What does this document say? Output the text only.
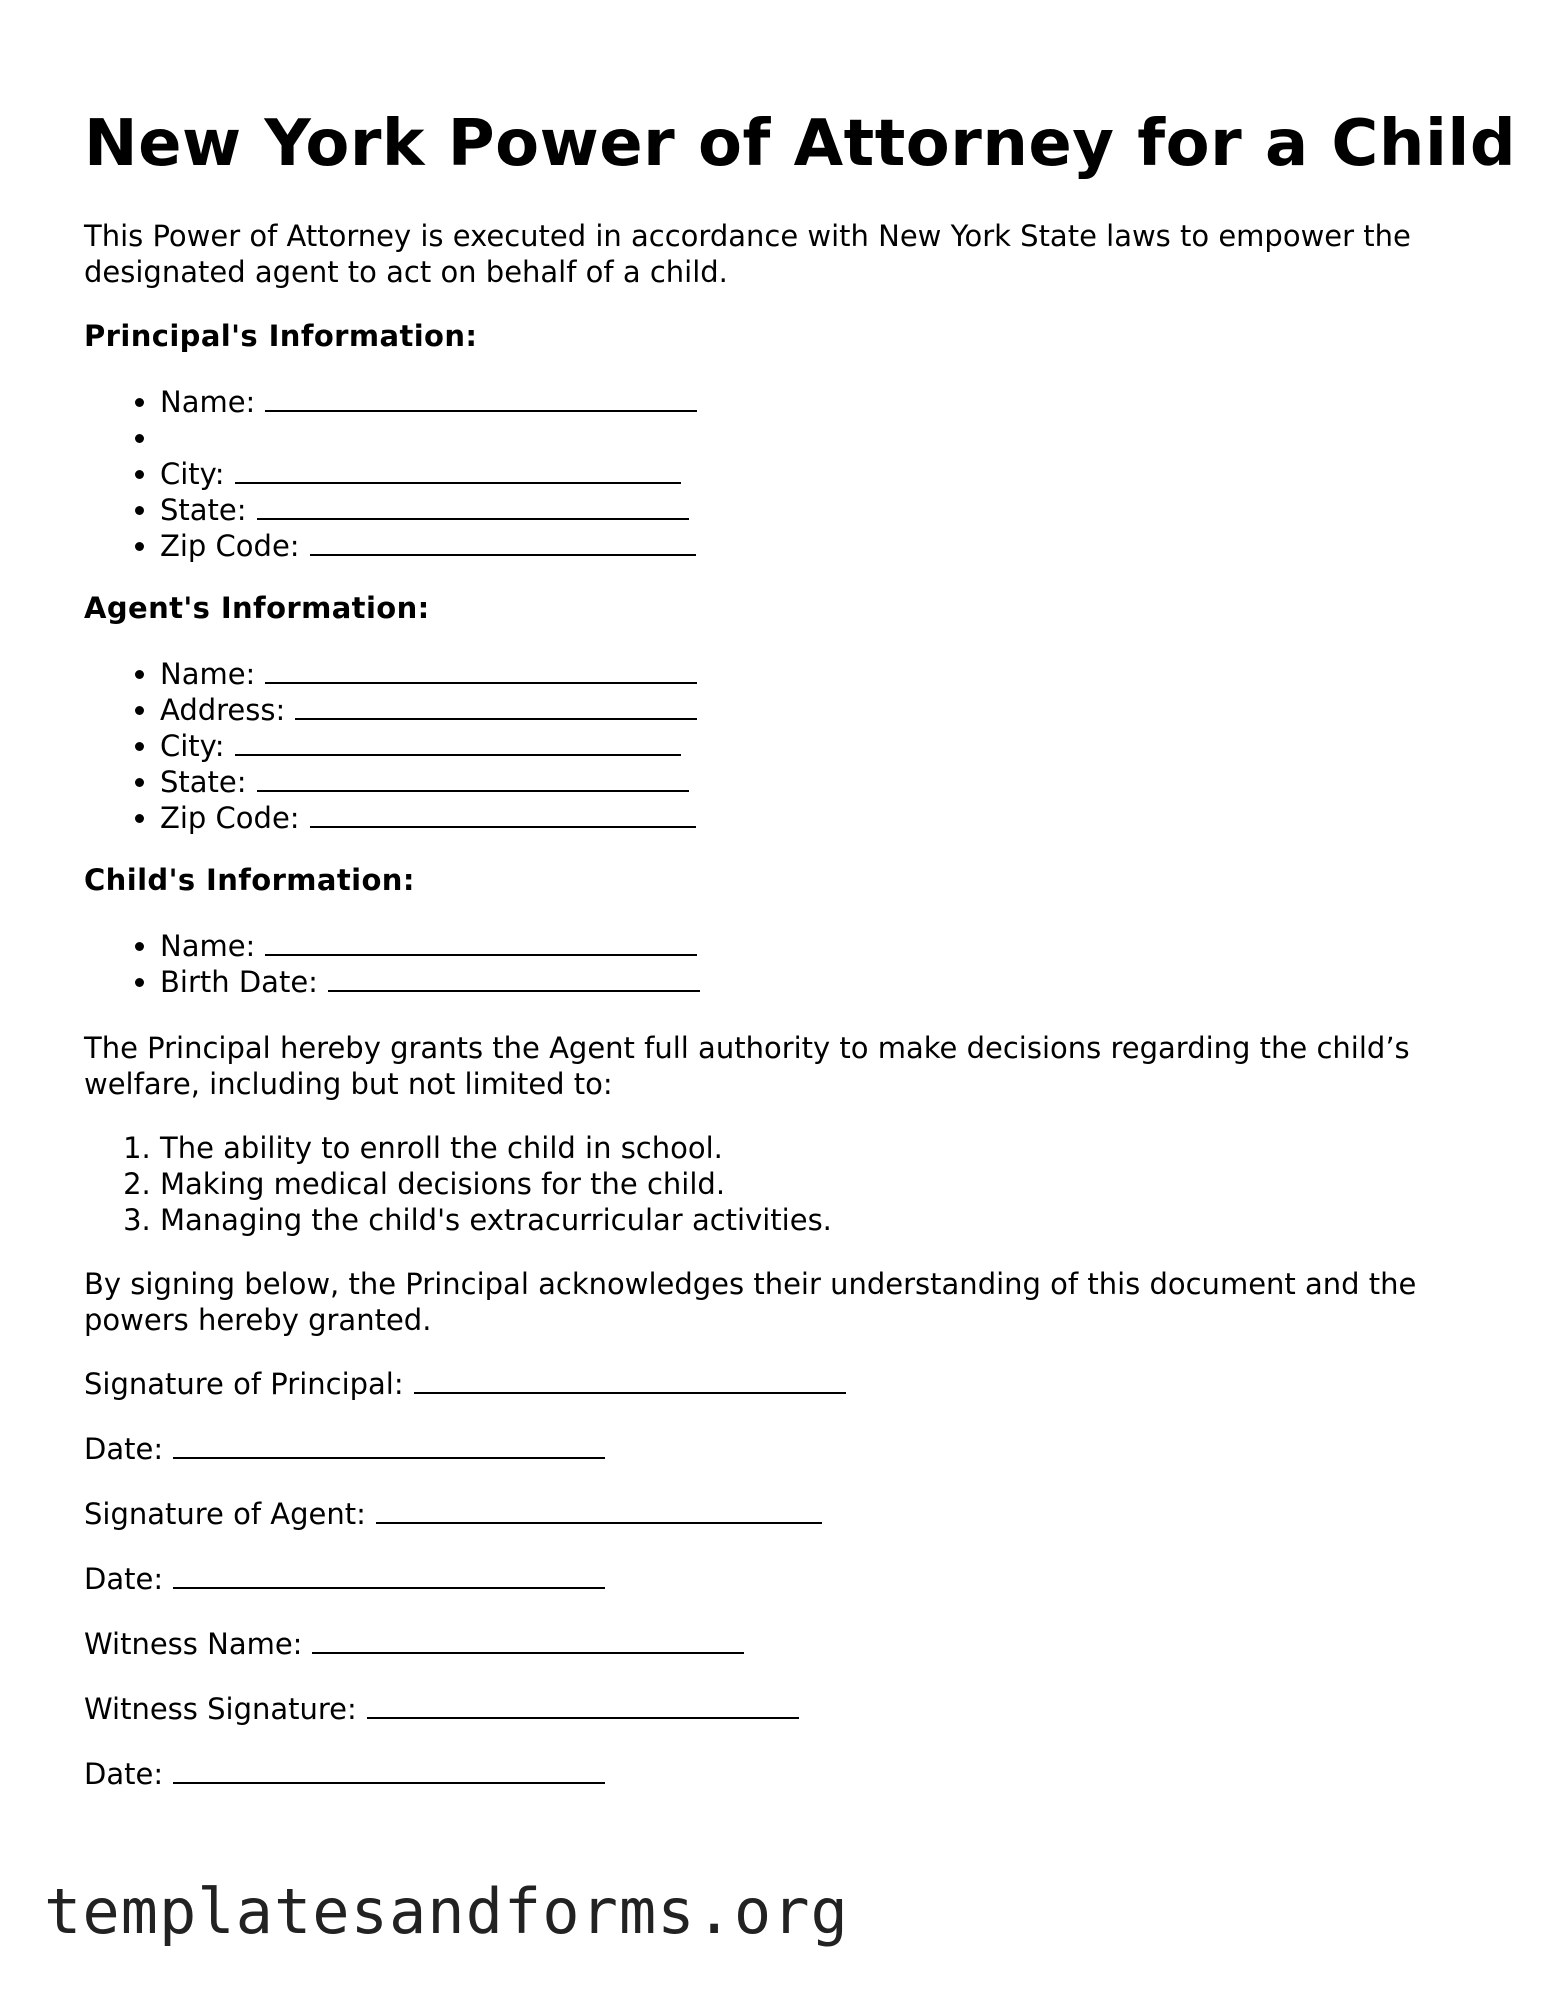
New York Power of Attorney for a Child
This Power of Attorney is executed in accordance with New York State laws to empower the designated agent to act on behalf of a child.
Principal's Information:
• Name:
•
• City:
• State:
• Zip Code:
Agent's Information:
• Name:
• Address:
• City:
• State:
• Zip Code:
Child's Information:
• Name:
• Birth Date:
The Principal hereby grants the Agent full authority to make decisions regarding the child’s welfare, including but not limited to:
1. The ability to enroll the child in school.
2. Making medical decisions for the child.
3. Managing the child's extracurricular activities.
By signing below, the Principal acknowledges their understanding of this document and the powers hereby granted.
Signature of Principal:
Date:
Signature of Agent:
Date:
Witness Name:
Witness Signature:
Date:
templatesandforms.org
